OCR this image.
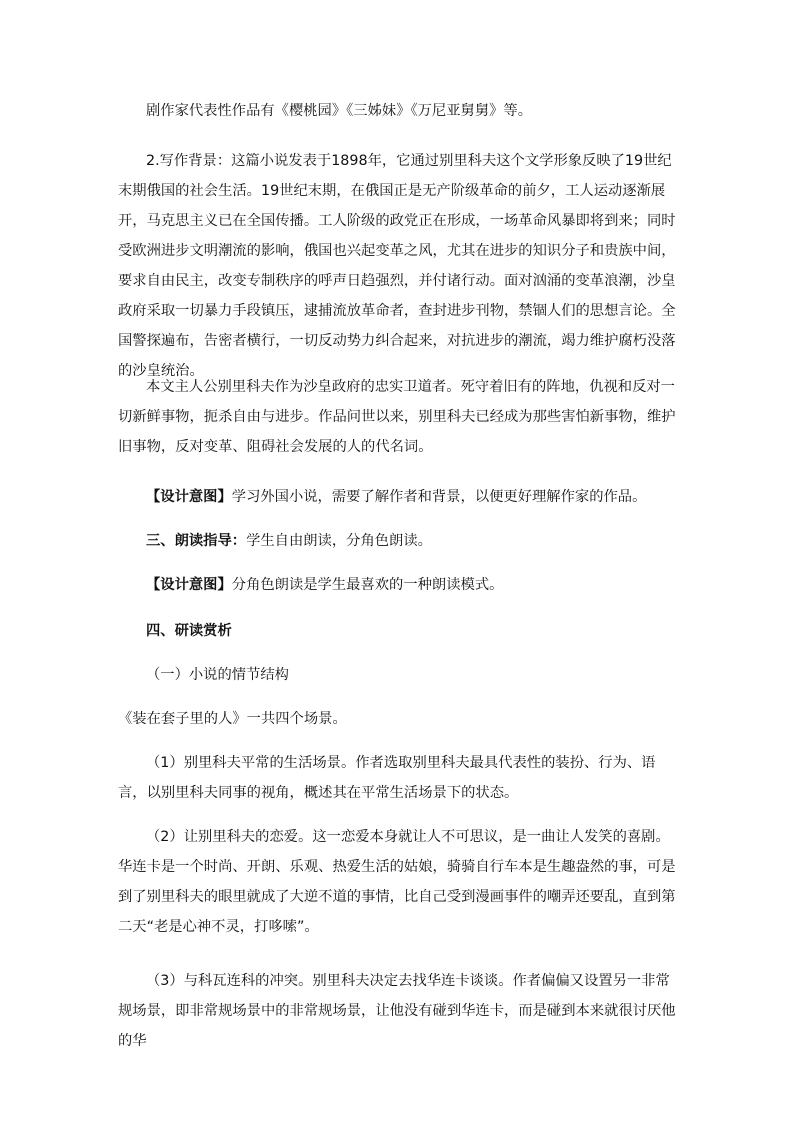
剧作家代表性作品有《樱桃园》《三姊妹》《万尼亚舅舅》等。

2.写作背景：这篇小说发表于1898年，它通过别里科夫这个文学形象反映了19世纪末期俄国的社会生活。19世纪末期，在俄国正是无产阶级革命的前夕，工人运动逐渐展开，马克思主义已在全国传播。工人阶级的政党正在形成，一场革命风暴即将到来；同时受欧洲进步文明潮流的影响，俄国也兴起变革之风，尤其在进步的知识分子和贵族中间，要求自由民主，改变专制秩序的呼声日趋强烈，并付诸行动。面对汹涌的变革浪潮，沙皇政府采取一切暴力手段镇压，逮捕流放革命者，查封进步刊物，禁锢人们的思想言论。全国警探遍布，告密者横行，一切反动势力纠合起来，对抗进步的潮流，竭力维护腐朽没落的沙皇统治。

本文主人公别里科夫作为沙皇政府的忠实卫道者。死守着旧有的阵地，仇视和反对一切新鲜事物，扼杀自由与进步。作品问世以来，别里科夫已经成为那些害怕新事物，维护旧事物，反对变革、阻碍社会发展的人的代名词。

【设计意图】学习外国小说，需要了解作者和背景，以便更好理解作家的作品。

三、朗读指导：学生自由朗读，分角色朗读。

【设计意图】分角色朗读是学生最喜欢的一种朗读模式。

四、研读赏析

（一）小说的情节结构

《装在套子里的人》一共四个场景。

（1）别里科夫平常的生活场景。作者选取别里科夫最具代表性的装扮、行为、语言，以别里科夫同事的视角，概述其在平常生活场景下的状态。

（2）让别里科夫的恋爱。这一恋爱本身就让人不可思议，是一曲让人发笑的喜剧。华连卡是一个时尚、开朗、乐观、热爱生活的姑娘，骑骑自行车本是生趣盎然的事，可是到了别里科夫的眼里就成了大逆不道的事情，比自己受到漫画事件的嘲弄还要乱，直到第二天“老是心神不灵，打哆嗦”。

（3）与科瓦连科的冲突。别里科夫决定去找华连卡谈谈。作者偏偏又设置另一非常规场景，即非常规场景中的非常规场景，让他没有碰到华连卡，而是碰到本来就很讨厌他的华
